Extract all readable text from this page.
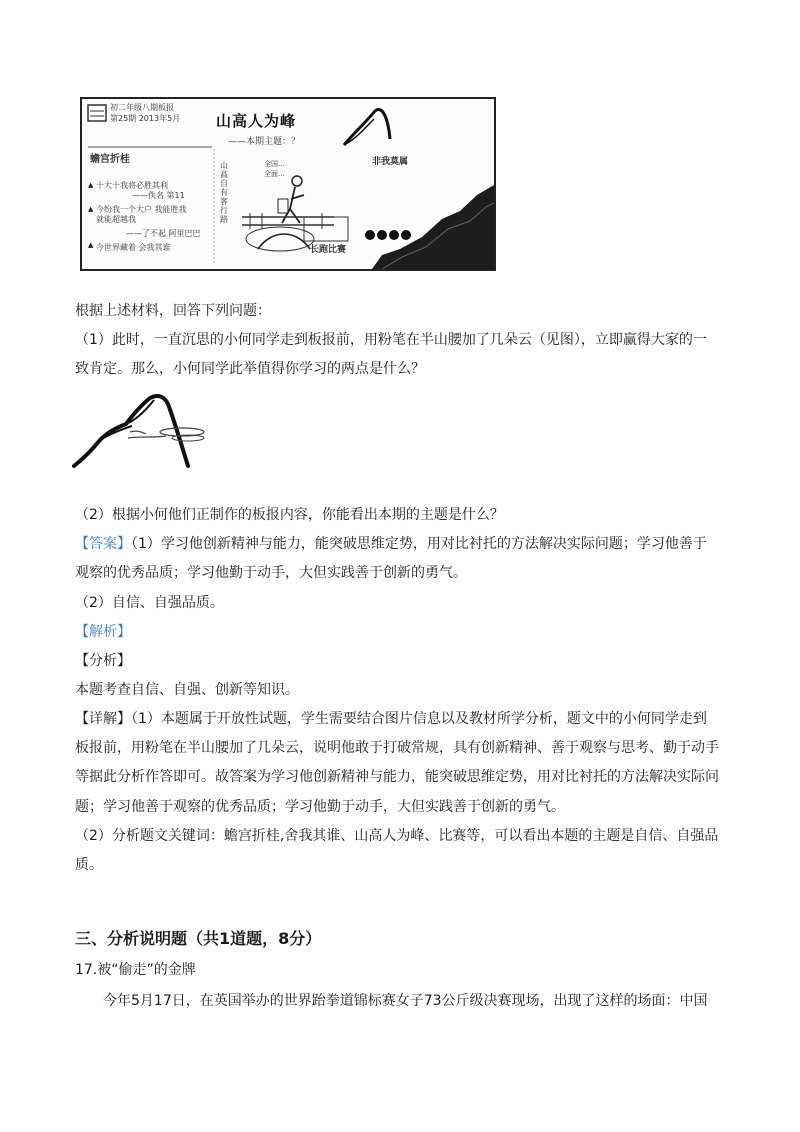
▲
▲
▲
初二年级八期板报
第25期 2013年5月 山高人为峰
——本期主题：？
蟾宫折桂
十大十我将必胜其利
——佚名 第11
今纷我一个大户 我能胜我
就能超越我
——了不起 阿里巴巴
今世界藏着 会我其谁
山高自有客行路
全国…
全面…
非我莫属
长跑比赛
根据上述材料，回答下列问题：
（1）此时，一直沉思的小何同学走到板报前，用粉笔在半山腰加了几朵云（见图），立即赢得大家的一
致肯定。那么，小何同学此举值得你学习的两点是什么？
（2）根据小何他们正制作的板报内容，你能看出本期的主题是什么？
【答案】（1）学习他创新精神与能力，能突破思维定势，用对比衬托的方法解决实际问题；学习他善于
观察的优秀品质；学习他勤于动手，大但实践善于创新的勇气。
（2）自信、自强品质。
【解析】
【分析】
本题考查自信、自强、创新等知识。
【详解】（1）本题属于开放性试题，学生需要结合图片信息以及教材所学分析，题文中的小何同学走到
板报前，用粉笔在半山腰加了几朵云，说明他敢于打破常规，具有创新精神、善于观察与思考、勤于动手
等据此分析作答即可。故答案为学习他创新精神与能力，能突破思维定势，用对比衬托的方法解决实际问
题；学习他善于观察的优秀品质；学习他勤于动手，大但实践善于创新的勇气。
（2）分析题文关键词：蟾宫折桂,舍我其谁、山高人为峰、比赛等，可以看出本题的主题是自信、自强品
质。
三、分析说明题（共1道题，8分）
17.被“偷走”的金牌
今年5月17日，在英国举办的世界跆拳道锦标赛女子73公斤级决赛现场，出现了这样的场面：中国
